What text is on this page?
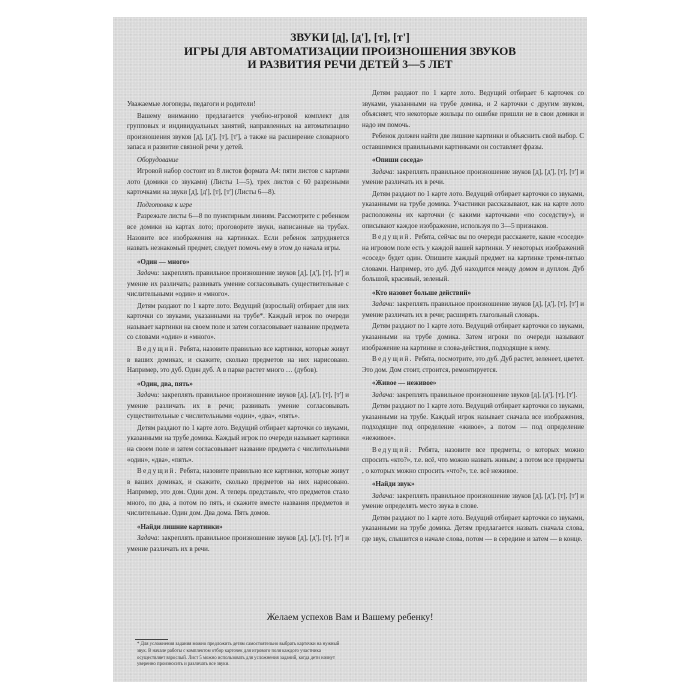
ЗВУКИ [д], [д'], [т], [т']
ИГРЫ ДЛЯ АВТОМАТИЗАЦИИ ПРОИЗНОШЕНИЯ ЗВУКОВ
И РАЗВИТИЯ РЕЧИ ДЕТЕЙ 3—5 ЛЕТ

Уважаемые логопеды, педагоги и родители!

Вашему вниманию предлагается учебно-игровой комплект для групповых и индивидуальных занятий, направленных на автоматизацию произношения звуков [д], [д'], [т], [т'], а также на расширение словарного запаса и развитие связной речи у детей.

Оборудование

Игровой набор состоит из 8 листов формата А4: пяти листов с картами лото (домики со звуками) (Листы 1—5), трех листов с 60 разрезными карточками на звуки [д], [д'], [т], [т'] (Листы 6—8).

Подготовка к игре

Разрежьте листы 6—8 по пунктирным линиям. Рассмотрите с ребенком все домики на картах лото; проговорите звуки, написанные на трубах. Назовите все изображения на картинках. Если ребенок затрудняется назвать незнакомый предмет, следует помочь ему в этом до начала игры.

«Один — много»

Задачи: закреплять правильное произношение звуков [д], [д'], [т], [т'] и умение их различать; развивать умение согласовывать существительные с числительными «один» и «много».

Детям раздают по 1 карте лото. Ведущий (взрослый) отбирает для них карточки со звуками, указанными на трубе*. Каждый игрок по очереди называет картинки на своем поле и затем согласовывает название предмета со словами «один» и «много».

Ведущий. Ребята, назовите правильно все картинки, которые живут в ваших домиках, и скажите, сколько предметов на них нарисовано. Например, это дуб. Один дуб. А в парке растет много … (дубов).

«Один, два, пять»

Задачи: закреплять правильное произношение звуков [д], [д'], [т], [т'] и умение различать их в речи; развивать умение согласовывать существительные с числительными «один», «два», «пять».

Детям раздают по 1 карте лото. Ведущий отбирает карточки со звуками, указанными на трубе домика. Каждый игрок по очереди называет картинки на своем поле и затем согласовывает название предмета с числительными «один», «два», «пять».

Ведущий. Ребята, назовите правильно все картинки, которые живут в ваших домиках, и скажите, сколько предметов на них нарисовано. Например, это дом. Один дом. А теперь представьте, что предметов стало много, по два, а потом по пять, и скажите вместе названия предметов и числительные. Один дом. Два дома. Пять домов.

«Найди лишние картинки»

Задача: закреплять правильное произношение звуков [д], [д'], [т], [т'] и умение различать их в речи.

Детям раздают по 1 карте лото. Ведущий отбирает 6 карточек со звуками, указанными на трубе домика, и 2 карточки с другим звуком, объясняет, что некоторые жильцы по ошибке пришли не в свои домики и надо им помочь.

Ребенок должен найти две лишние картинки и объяснить свой выбор. С оставшимися правильными картинками он составляет фразы.

«Опиши соседа»

Задача: закреплять правильное произношение звуков [д], [д'], [т], [т'] и умение различать их в речи.

Детям раздают по 1 карте лото. Ведущий отбирает карточки со звуками, указанными на трубе домика. Участники рассказывают, как на карте лото расположены их карточки (с какими карточками «по соседству»), и описывают каждое изображение, используя по 3—5 признаков.

Ведущий. Ребята, сейчас вы по очереди расскажете, какие «соседи» на игровом поле есть у каждой вашей картинки. У некоторых изображений «сосед» будет один. Опишите каждый предмет на картинке тремя-пятью словами. Например, это дуб. Дуб находится между домом и дуплом. Дуб большой, красивый, зеленый.

«Кто назовет больше действий»

Задачи: закреплять правильное произношение звуков [д], [д'], [т], [т'] и умение различать их в речи; расширять глагольный словарь.

Детям раздают по 1 карте лото. Ведущий отбирает карточки со звуками, указанными на трубе домика. Затем игроки по очереди называют изображение на картинке и слова-действия, подходящие к нему.

Ведущий. Ребята, посмотрите, это дуб. Дуб растет, зеленеет, цветет. Это дом. Дом стоит, строится, ремонтируется.

«Живое — неживое»

Задача: закреплять правильное произношение звуков [д], [д'], [т], [т'].

Детям раздают по 1 карте лото. Ведущий отбирает карточки со звуками, указанными на трубе. Каждый игрок называет сначала все изображения, подходящие под определение «живое», а потом — под определение «неживое».

Ведущий. Ребята, назовите все предметы, о которых можно спросить «кто?», т.е. всё, что можно назвать живым; а потом все предметы , о которых можно спросить «что?», т.е. всё неживое.

«Найди звук»

Задача: закреплять правильное произношение звуков [д], [д'], [т], [т'] и умение определять место звука в слове.

Детям раздают по 1 карте лото. Ведущий отбирает карточки со звуками, указанными на трубе домика. Детям предлагается назвать сначала слова, где звук, слышится в начале слова, потом — в середине и затем — в конце.

Желаем успехов Вам и Вашему ребенку!
* Для усложнения задания можно предложить детям самостоятельно выбрать карточки на нужный звук. В начале работы с комплектом отбор карточек для игрового поля каждого участника осуществляет взрослый. Лист 5 можно использовать для усложнения заданий, когда дети начнут уверенно произносить и различать все звуки.
